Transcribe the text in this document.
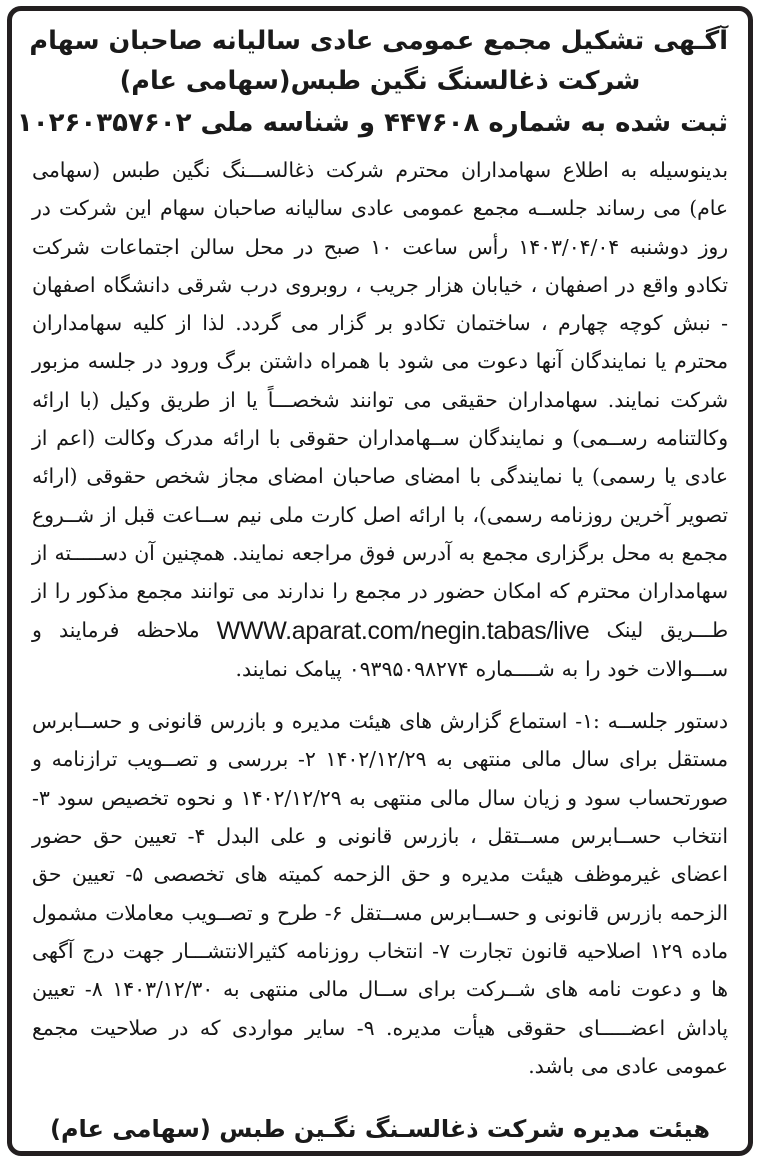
آگـهی تشکیل مجمع عمومی عادی سالیانه صاحبان سهام
شرکت ذغالسنگ نگین طبس(سهامی عام)
ثبت شده به شماره ۴۴۷۶۰۸ و شناسه ملی ۱۰۲۶۰۳۵۷۶۰۲
بدینوسیله به اطلاع سهامداران محترم شرکت ذغالســـنگ نگین طبس (سهامی عام) می رساند جلســه مجمع عمومی عادی سالیانه صاحبان سهام این شرکت در روز دوشنبه ۱۴۰۳/۰۴/۰۴ رأس ساعت ۱۰ صبح در محل سالن اجتماعات شرکت تکادو واقع در اصفهان ، خیابان هزار جریب ، روبروی درب شرقی دانشگاه اصفهان - نبش کوچه چهارم ، ساختمان تکادو بر گزار می گردد. لذا از کلیه سهامداران محترم یا نمایندگان آنها دعوت می شود با همراه داشتن برگ ورود در جلسه مزبور شرکت نمایند. سهامداران حقیقی می توانند شخصـــاً یا از طریق وکیل (با ارائه وکالتنامه رســمی) و نمایندگان ســهامداران حقوقی با ارائه مدرک وکالت (اعم از عادی یا رسمی) یا نمایندگی با امضای صاحبان امضای مجاز شخص حقوقی (ارائه تصویر آخرین روزنامه رسمی)، با ارائه اصل کارت ملی نیم ســاعت قبل از شــروع مجمع به محل برگزاری مجمع به آدرس فوق مراجعه نمایند. همچنین آن دســـــته از سهامداران محترم که امکان حضور در مجمع را ندارند می توانند مجمع مذکور را از طـــریق لینک WWW.aparat.com/negin.tabas/live ملاحظه فرمایند و ســـوالات خود را به شــــماره ۰۹۳۹۵۰۹۸۲۷۴ پیامک نمایند.
دستور جلســه :۱- استماع گزارش های هیئت مدیره و بازرس قانونی و حســابرس مستقل برای سال مالی منتهی به ۱۴۰۲/۱۲/۲۹ ۲- بررسی و تصــویب ترازنامه و صورتحساب سود و زیان سال مالی منتهی به ۱۴۰۲/۱۲/۲۹ و نحوه تخصیص سود ۳- انتخاب حســابرس مســتقل ، بازرس قانونی و علی البدل ۴- تعیین حق حضور اعضای غیرموظف هیئت مدیره و حق الزحمه کمیته های تخصصی ۵- تعیین حق الزحمه بازرس قانونی و حســابرس مســتقل ۶- طرح و تصــویب معاملات مشمول ماده ۱۲۹ اصلاحیه قانون تجارت ۷- انتخاب روزنامه کثیرالانتشـــار جهت درج آگهی ها و دعوت نامه های شــرکت برای ســال مالی منتهی به ۱۴۰۳/۱۲/۳۰ ۸- تعیین پاداش اعضـــــای حقوقی هیأت مدیره. ۹- سایر مواردی که در صلاحیت مجمع عمومی عادی می باشد.
هیئت مدیره شرکت ذغالسـنگ نگـین طبس (سهامی عام)
